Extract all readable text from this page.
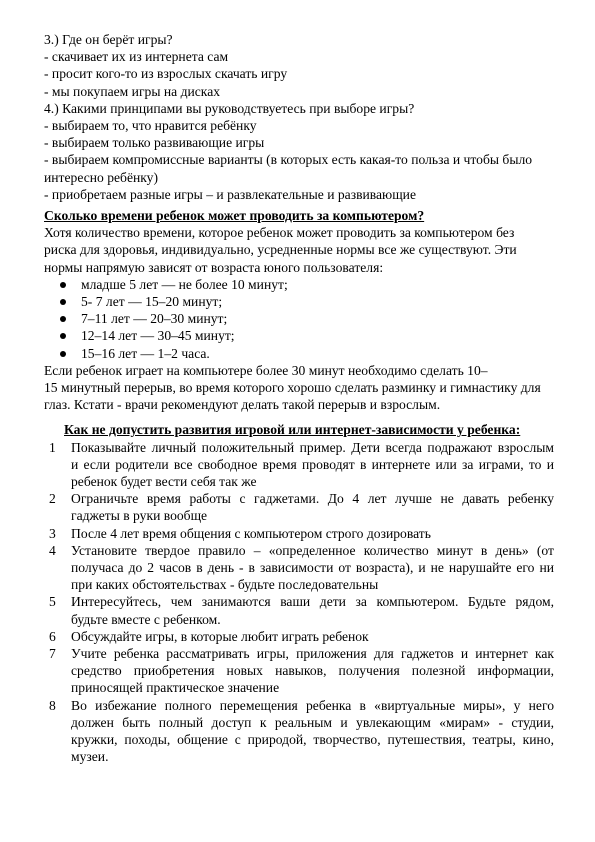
3.) Где он берёт игры?
- скачивает их из интернета сам
- просит кого-то из взрослых скачать игру
- мы покупаем игры на дисках
4.) Какими принципами вы руководствуетесь при выборе игры?
- выбираем то, что нравится ребёнку
- выбираем только развивающие игры
- выбираем компромиссные варианты (в которых есть какая-то польза и чтобы было
интересно ребёнку)
- приобретаем разные игры – и развлекательные и развивающие
Сколько времени ребенок может проводить за компьютером?
Хотя количество времени, которое ребенок может проводить за компьютером без
риска для здоровья, индивидуально, усредненные нормы все же существуют. Эти
нормы напрямую зависят от возраста юного пользователя:
младше 5 лет — не более 10 минут;
5- 7 лет — 15–20 минут;
7–11 лет — 20–30 минут;
12–14 лет — 30–45 минут;
15–16 лет — 1–2 часа.
Если ребенок играет на компьютере более 30 минут необходимо сделать 10–
15 минутный перерыв, во время которого хорошо сделать разминку и гимнастику для
глаз. Кстати - врачи рекомендуют делать такой перерыв и взрослым.
Как не допустить развития игровой или интернет-зависимости у ребенка:
1 Показывайте личный положительный пример. Дети всегда подражают взрослым
и если родители все свободное время проводят в интернете или за играми, то и
ребенок будет вести себя так же
2 Ограничьте время работы с гаджетами. До 4 лет лучше не давать ребенку
гаджеты в руки вообще
3 После 4 лет время общения с компьютером строго дозировать
4 Установите твердое правило – «определенное количество минут в день» (от
получаса до 2 часов в день - в зависимости от возраста), и не нарушайте его ни
при каких обстоятельствах - будьте последовательны
5 Интересуйтесь, чем занимаются ваши дети за компьютером. Будьте рядом,
будьте вместе с ребенком.
6 Обсуждайте игры, в которые любит играть ребенок
7 Учите ребенка рассматривать игры, приложения для гаджетов и интернет как
средство приобретения новых навыков, получения полезной информации,
приносящей практическое значение
8 Во избежание полного перемещения ребенка в «виртуальные миры», у него
должен быть полный доступ к реальным и увлекающим «мирам» - студии,
кружки, походы, общение с природой, творчество, путешествия, театры, кино,
музеи.
